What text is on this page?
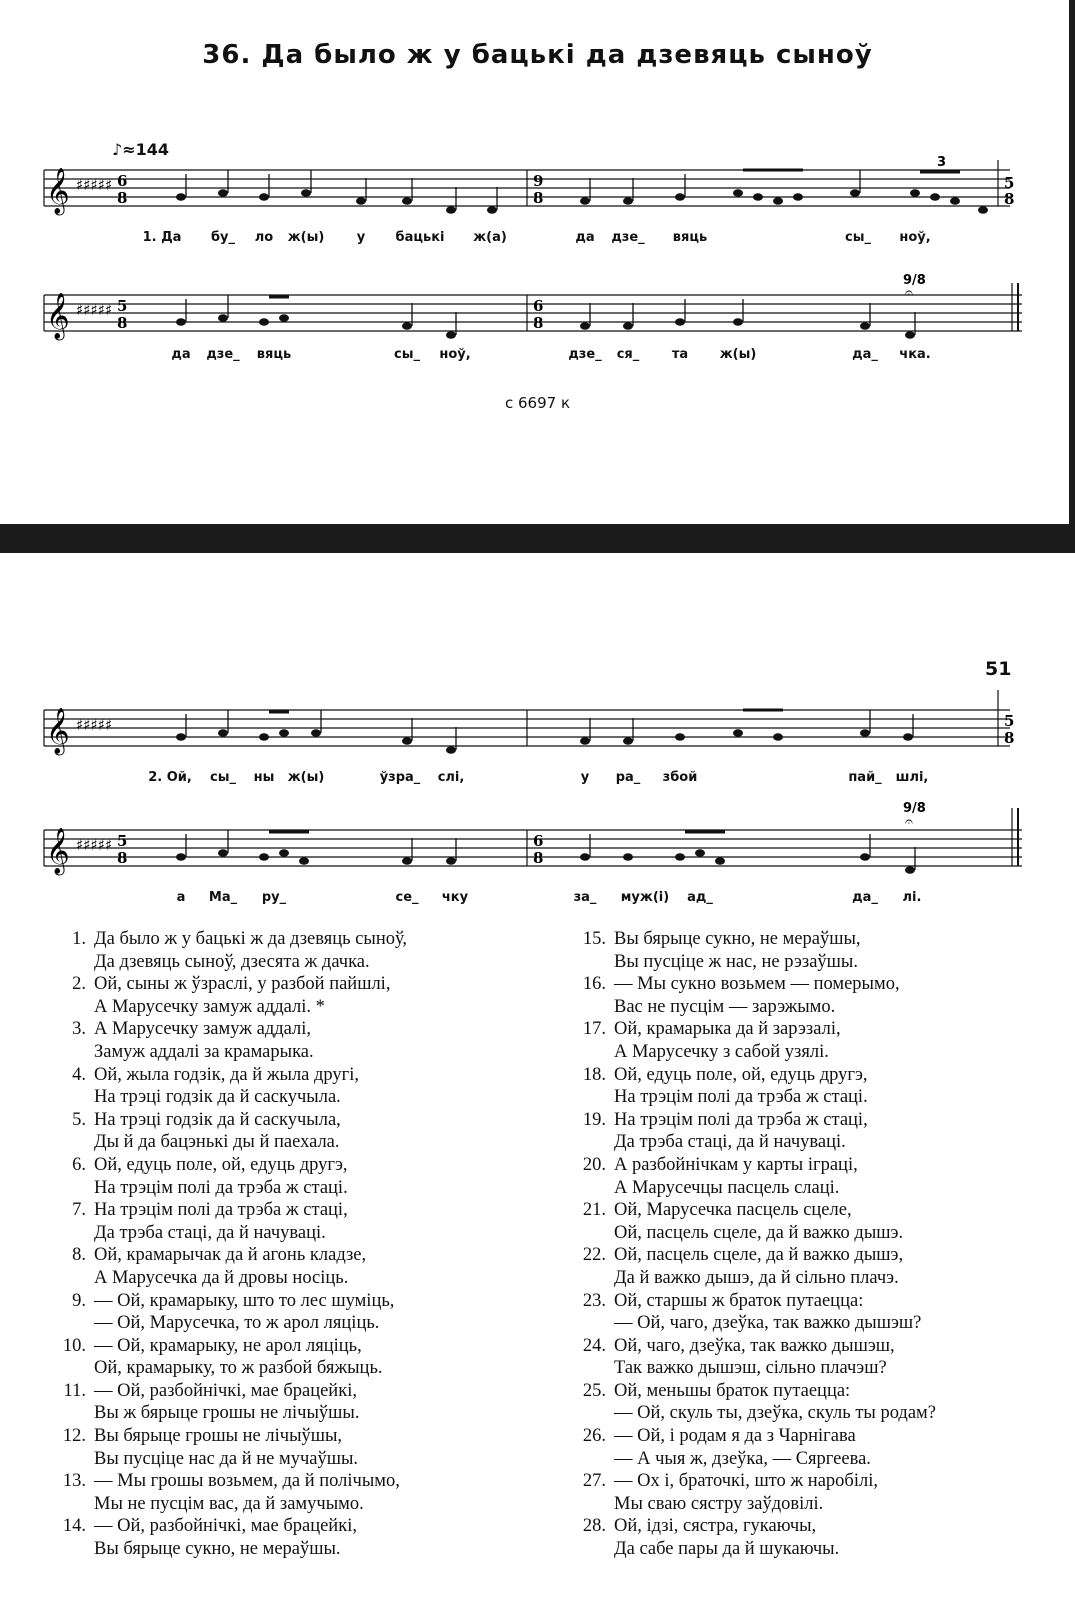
36. Да было ж у бацькі да дзевяць сыноў
♪≈144
с 6697 к
51
𝄞 ♯♯♯♯♯ 6
8
3
5
8
9
8
1. Да бу_ ло ж(ы) у бацькі ж(а)	да дзе_ вяць	сы_ ноў,
𝄞 ♯♯♯♯♯ 5
8
6
8
9/8
𝄐
да дзе_ вяць	сы_ ноў,	дзе_ ся_	та ж(ы)	да_ чка.
𝄞 ♯♯♯♯♯	5
8
2. Ой, сы_ ны ж(ы)	ўзра_ слі,	у ра_ збой	пай_ шлі,
𝄞 ♯♯♯♯♯ 5
8
6
8
9/8
𝄐
а Ма_ ру_	се_ чку	за_ муж(і) ад_	да_ лі.
1. Да было ж у бацькі ж да дзевяць сыноў,
Да дзевяць сыноў, дзесята ж дачка.
2. Ой, сыны ж ўзраслі, у разбой пайшлі,
А Марусечку замуж аддалі. *
3. А Марусечку замуж аддалі,
Замуж аддалі за крамарыка.
4. Ой, жыла годзік, да й жыла другі,
На трэці годзік да й саскучыла.
5. На трэці годзік да й саскучыла,
Ды й да бацэнькі ды й паехала.
6. Ой, едуць поле, ой, едуць другэ,
На трэцім полі да трэба ж стаці.
7. На трэцім полі да трэба ж стаці,
Да трэба стаці, да й начуваці.
8. Ой, крамарычак да й агонь кладзе,
А Марусечка да й дровы носіць.
9. — Ой, крамарыку, што то лес шуміць,
— Ой, Марусечка, то ж арол ляціць.
10. — Ой, крамарыку, не арол ляціць,
Ой, крамарыку, то ж разбой бяжыць.
11. — Ой, разбойнічкі, мае брацейкі,
Вы ж бярыце грошы не лічыўшы.
12. Вы бярыце грошы не лічыўшы,
Вы пусціце нас да й не мучаўшы.
13. — Мы грошы возьмем, да й полічымо,
Мы не пусцім вас, да й замучымо.
14. — Ой, разбойнічкі, мае брацейкі,
Вы бярыце сукно, не мераўшы.
15. Вы бярыце сукно, не мераўшы,
Вы пусціце ж нас, не рэзаўшы.
16. — Мы сукно возьмем — померымо,
Вас не пусцім — зарэжымо.
17. Ой, крамарыка да й зарэзалі,
А Марусечку з сабой узялі.
18. Ой, едуць поле, ой, едуць другэ,
На трэцім полі да трэба ж стаці.
19. На трэцім полі да трэба ж стаці,
Да трэба стаці, да й начуваці.
20. А разбойнічкам у карты іграці,
А Марусечцы пасцель слаці.
21. Ой, Марусечка пасцель сцеле,
Ой, пасцель сцеле, да й важко дышэ.
22. Ой, пасцель сцеле, да й важко дышэ,
Да й важко дышэ, да й сільно плачэ.
23. Ой, старшы ж браток путаецца:
— Ой, чаго, дзеўка, так важко дышэш?
24. Ой, чаго, дзеўка, так важко дышэш,
Так важко дышэш, сільно плачэш?
25. Ой, меньшы браток путаецца:
— Ой, скуль ты, дзеўка, скуль ты родам?
26. — Ой, і родам я да з Чарнігава
— А чыя ж, дзеўка, — Сяргеева.
27. — Ох і, браточкі, што ж наробілі,
Мы сваю сястру заўдовілі.
28. Ой, ідзі, сястра, гукаючы,
Да сабе пары да й шукаючы.
